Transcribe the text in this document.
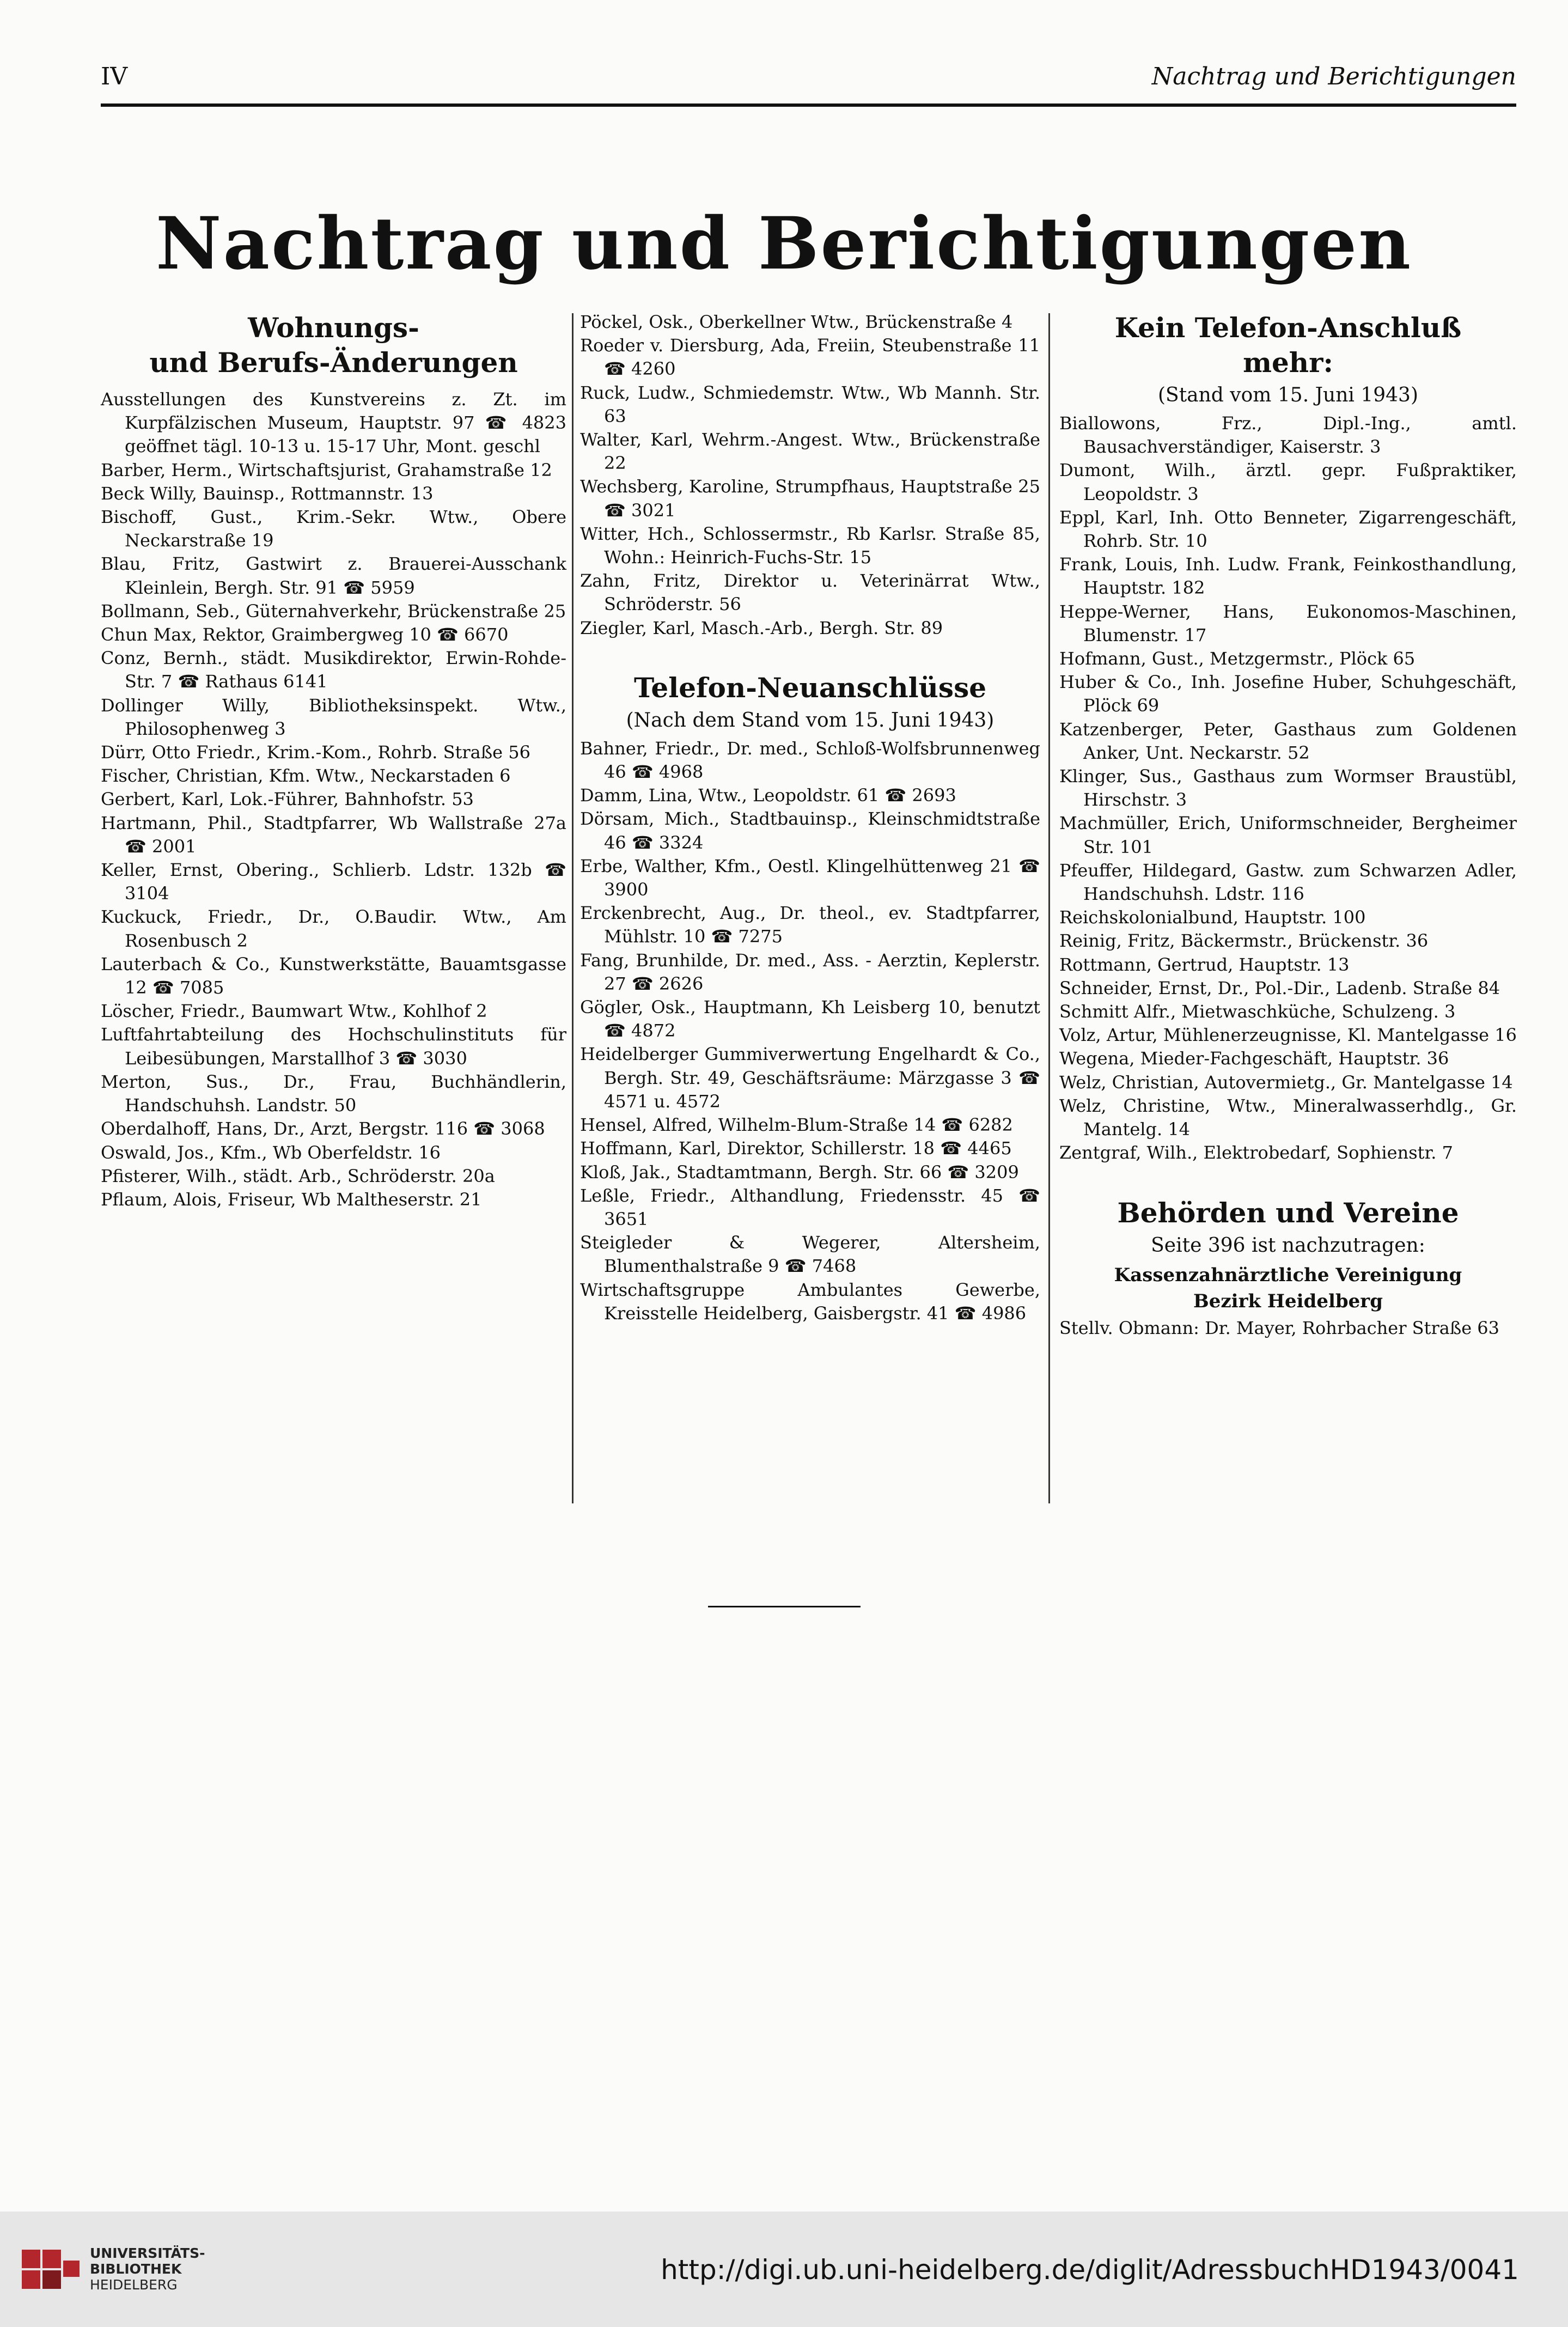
IV	Nachtrag und Berichtigungen
Nachtrag und Berichtigungen

Wohnungs-

und Berufs-Änderungen

Ausstellungen des Kunstvereins z. Zt. im Kurpfälzischen Museum, Hauptstr. 97 ☎ 4823 geöffnet tägl. 10-13 u. 15-17 Uhr, Mont. geschl
Barber, Herm., Wirtschaftsjurist, Grahamstraße 12
Beck Willy, Bauinsp., Rottmannstr. 13
Bischoff, Gust., Krim.-Sekr. Wtw., Obere Neckarstraße 19
Blau, Fritz, Gastwirt z. Brauerei-Ausschank Kleinlein, Bergh. Str. 91 ☎ 5959
Bollmann, Seb., Güternahverkehr, Brückenstraße 25
Chun Max, Rektor, Graimbergweg 10 ☎ 6670
Conz, Bernh., städt. Musikdirektor, Erwin-Rohde-Str. 7 ☎ Rathaus 6141
Dollinger Willy, Bibliotheksinspekt. Wtw., Philosophenweg 3
Dürr, Otto Friedr., Krim.-Kom., Rohrb. Straße 56
Fischer, Christian, Kfm. Wtw., Neckarstaden 6
Gerbert, Karl, Lok.-Führer, Bahnhofstr. 53
Hartmann, Phil., Stadtpfarrer, Wb Wallstraße 27a ☎ 2001
Keller, Ernst, Obering., Schlierb. Ldstr. 132b ☎ 3104
Kuckuck, Friedr., Dr., O.Baudir. Wtw., Am Rosenbusch 2
Lauterbach & Co., Kunstwerkstätte, Bauamtsgasse 12 ☎ 7085
Löscher, Friedr., Baumwart Wtw., Kohlhof 2
Luftfahrtabteilung des Hochschulinstituts für Leibesübungen, Marstallhof 3 ☎ 3030
Merton, Sus., Dr., Frau, Buchhändlerin, Handschuhsh. Landstr. 50
Oberdalhoff, Hans, Dr., Arzt, Bergstr. 116 ☎ 3068
Oswald, Jos., Kfm., Wb Oberfeldstr. 16
Pfisterer, Wilh., städt. Arb., Schröderstr. 20a
Pflaum, Alois, Friseur, Wb Maltheserstr. 21
Pöckel, Osk., Oberkellner Wtw., Brückenstraße 4
Roeder v. Diersburg, Ada, Freiin, Steubenstraße 11 ☎ 4260
Ruck, Ludw., Schmiedemstr. Wtw., Wb Mannh. Str. 63
Walter, Karl, Wehrm.-Angest. Wtw., Brückenstraße 22
Wechsberg, Karoline, Strumpfhaus, Hauptstraße 25 ☎ 3021
Witter, Hch., Schlossermstr., Rb Karlsr. Straße 85, Wohn.: Heinrich-Fuchs-Str. 15
Zahn, Fritz, Direktor u. Veterinärrat Wtw., Schröderstr. 56
Ziegler, Karl, Masch.-Arb., Bergh. Str. 89

Telefon-Neuanschlüsse

(Nach dem Stand vom 15. Juni 1943)

Bahner, Friedr., Dr. med., Schloß-Wolfsbrunnenweg 46 ☎ 4968
Damm, Lina, Wtw., Leopoldstr. 61 ☎ 2693
Dörsam, Mich., Stadtbauinsp., Kleinschmidtstraße 46 ☎ 3324
Erbe, Walther, Kfm., Oestl. Klingelhüttenweg 21 ☎ 3900
Erckenbrecht, Aug., Dr. theol., ev. Stadtpfarrer, Mühlstr. 10 ☎ 7275
Fang, Brunhilde, Dr. med., Ass. - Aerztin, Keplerstr. 27 ☎ 2626
Gögler, Osk., Hauptmann, Kh Leisberg 10, benutzt ☎ 4872
Heidelberger Gummiverwertung Engelhardt & Co., Bergh. Str. 49, Geschäftsräume: Märzgasse 3 ☎ 4571 u. 4572
Hensel, Alfred, Wilhelm-Blum-Straße 14 ☎ 6282
Hoffmann, Karl, Direktor, Schillerstr. 18 ☎ 4465
Kloß, Jak., Stadtamtmann, Bergh. Str. 66 ☎ 3209
Leßle, Friedr., Althandlung, Friedensstr. 45 ☎ 3651
Steigleder & Wegerer, Altersheim, Blumenthalstraße 9 ☎ 7468
Wirtschaftsgruppe Ambulantes Gewerbe, Kreisstelle Heidelberg, Gaisbergstr. 41 ☎ 4986

Kein Telefon-Anschluß

mehr:

(Stand vom 15. Juni 1943)

Biallowons, Frz., Dipl.-Ing., amtl. Bausachverständiger, Kaiserstr. 3
Dumont, Wilh., ärztl. gepr. Fußpraktiker, Leopoldstr. 3
Eppl, Karl, Inh. Otto Benneter, Zigarrengeschäft, Rohrb. Str. 10
Frank, Louis, Inh. Ludw. Frank, Feinkosthandlung, Hauptstr. 182
Heppe-Werner, Hans, Eukonomos-Maschinen, Blumenstr. 17
Hofmann, Gust., Metzgermstr., Plöck 65
Huber & Co., Inh. Josefine Huber, Schuhgeschäft, Plöck 69
Katzenberger, Peter, Gasthaus zum Goldenen Anker, Unt. Neckarstr. 52
Klinger, Sus., Gasthaus zum Wormser Braustübl, Hirschstr. 3
Machmüller, Erich, Uniformschneider, Bergheimer Str. 101
Pfeuffer, Hildegard, Gastw. zum Schwarzen Adler, Handschuhsh. Ldstr. 116
Reichskolonialbund, Hauptstr. 100
Reinig, Fritz, Bäckermstr., Brückenstr. 36
Rottmann, Gertrud, Hauptstr. 13
Schneider, Ernst, Dr., Pol.-Dir., Ladenb. Straße 84
Schmitt Alfr., Mietwaschküche, Schulzeng. 3
Volz, Artur, Mühlenerzeugnisse, Kl. Mantelgasse 16
Wegena, Mieder-Fachgeschäft, Hauptstr. 36
Welz, Christian, Autovermietg., Gr. Mantelgasse 14
Welz, Christine, Wtw., Mineralwasserhdlg., Gr. Mantelg. 14
Zentgraf, Wilh., Elektrobedarf, Sophienstr. 7

Behörden und Vereine

Seite 396 ist nachzutragen:

Kassenzahnärztliche Vereinigung

Bezirk Heidelberg

Stellv. Obmann: Dr. Mayer, Rohrbacher Straße 63
UNIVERSITÄTS-
BIBLIOTHEK
HEIDELBERG	http://digi.ub.uni-heidelberg.de/diglit/AdressbuchHD1943/0041
